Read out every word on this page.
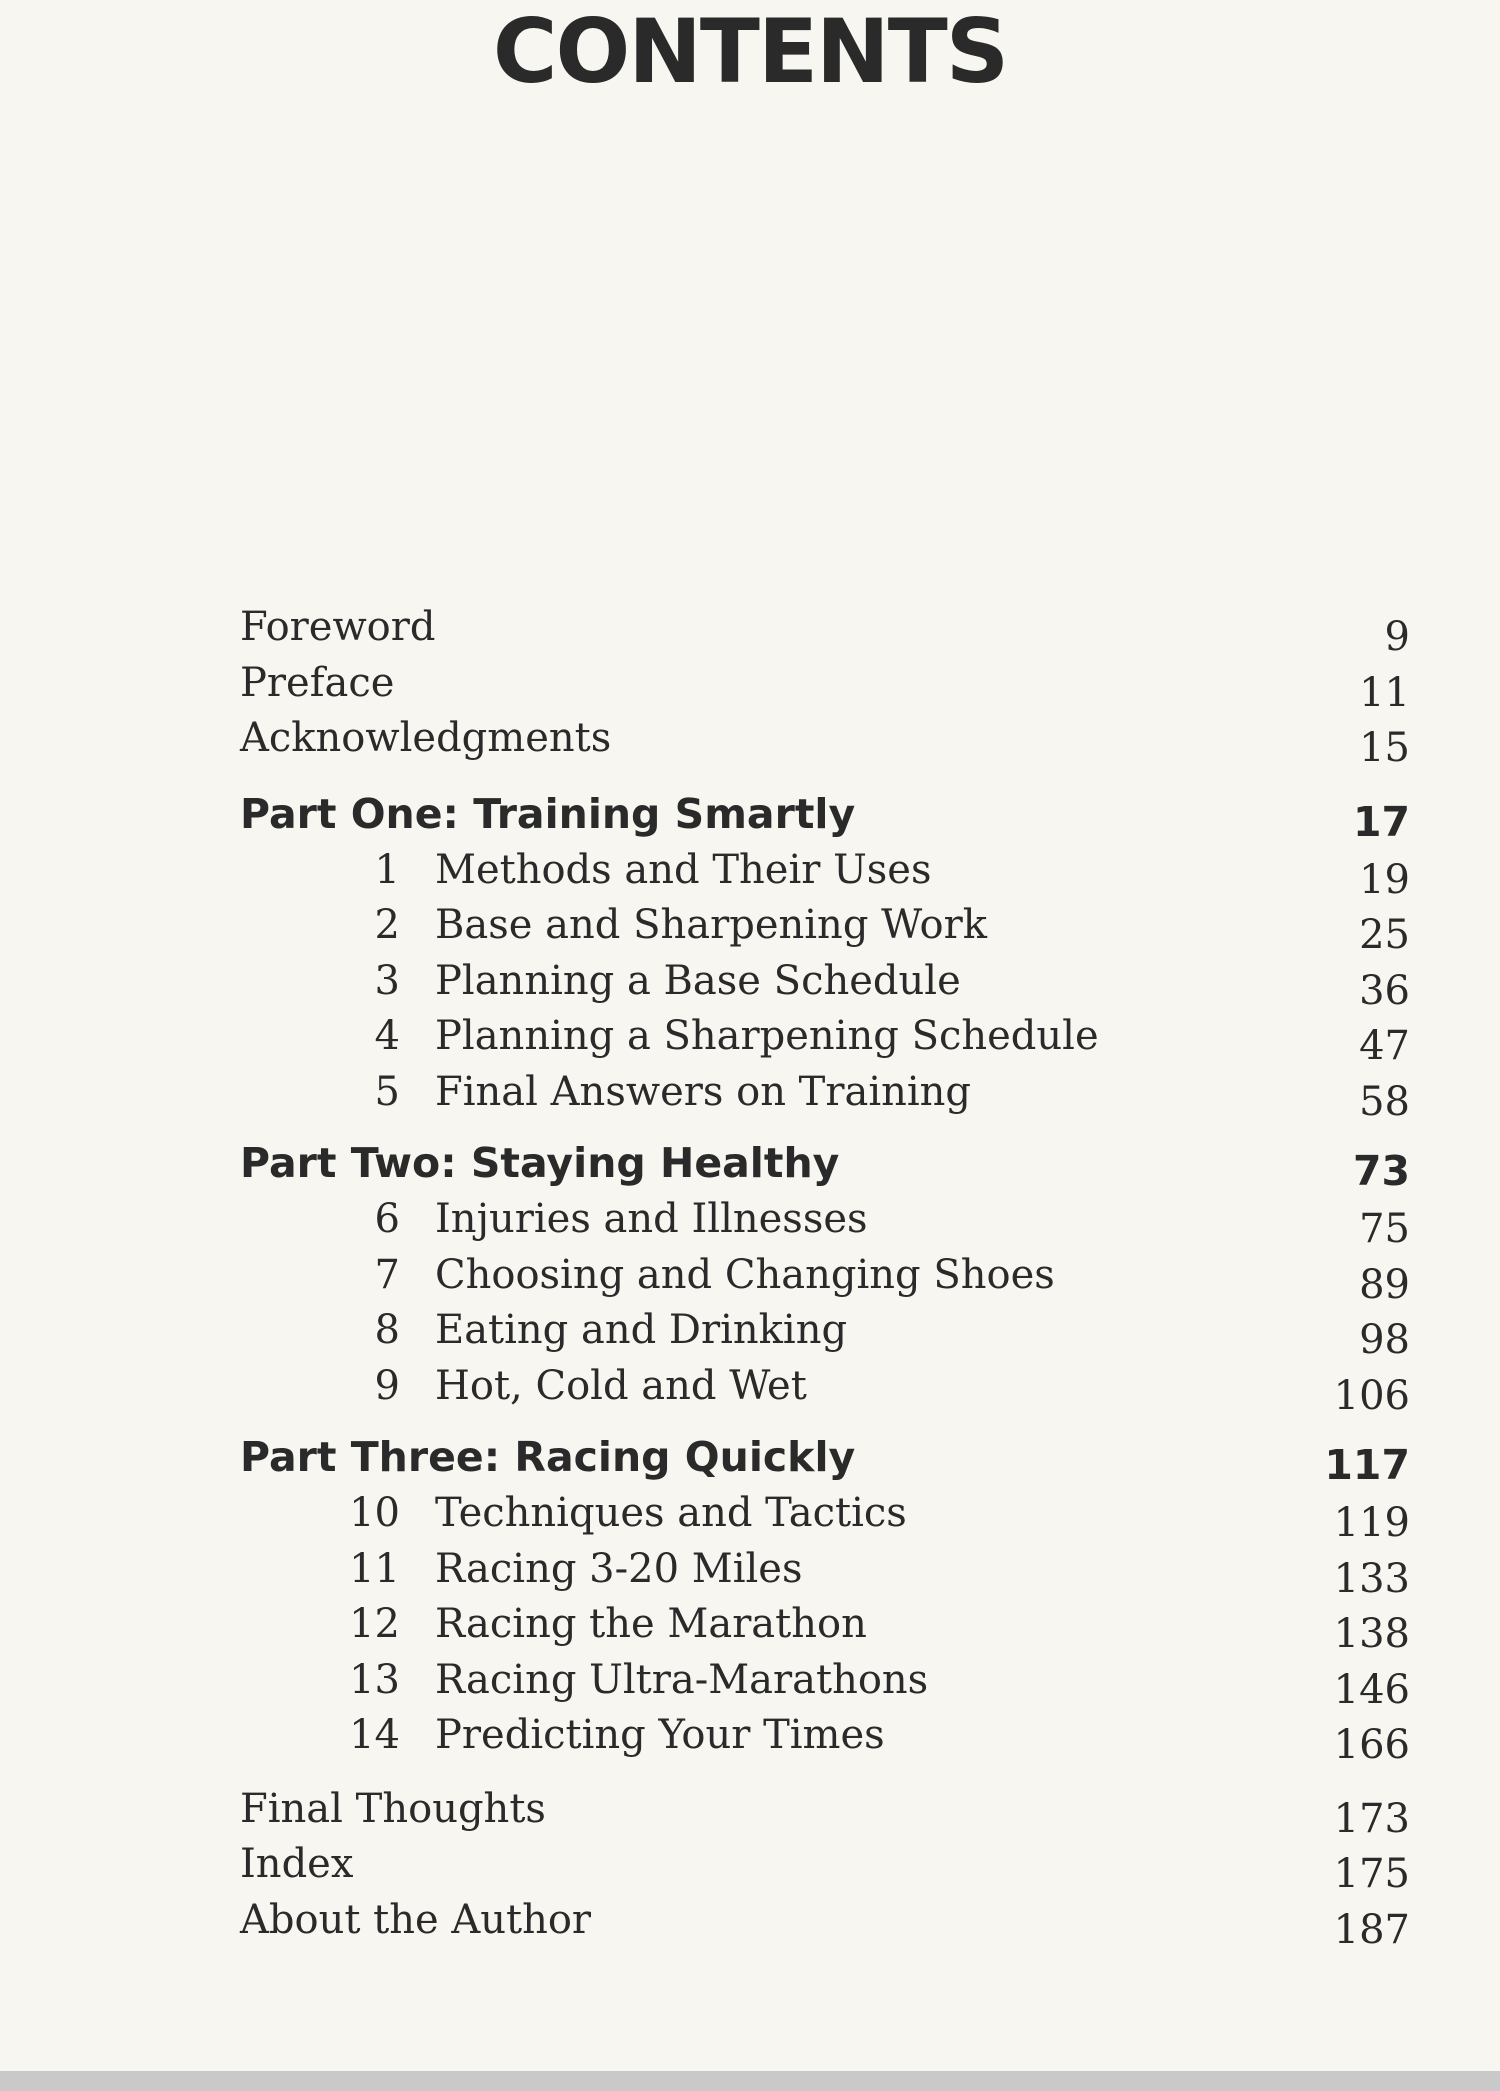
CONTENTS
Foreword	9
Preface	11
Acknowledgments	15
Part One: Training Smartly	17
1 Methods and Their Uses	19
2 Base and Sharpening Work	25
3 Planning a Base Schedule	36
4 Planning a Sharpening Schedule	47
5 Final Answers on Training	58
Part Two: Staying Healthy	73
6 Injuries and Illnesses	75
7 Choosing and Changing Shoes	89
8 Eating and Drinking	98
9 Hot, Cold and Wet	106
Part Three: Racing Quickly	117
10 Techniques and Tactics	119
11 Racing 3-20 Miles	133
12 Racing the Marathon	138
13 Racing Ultra-Marathons	146
14 Predicting Your Times	166
Final Thoughts	173
Index	175
About the Author	187
